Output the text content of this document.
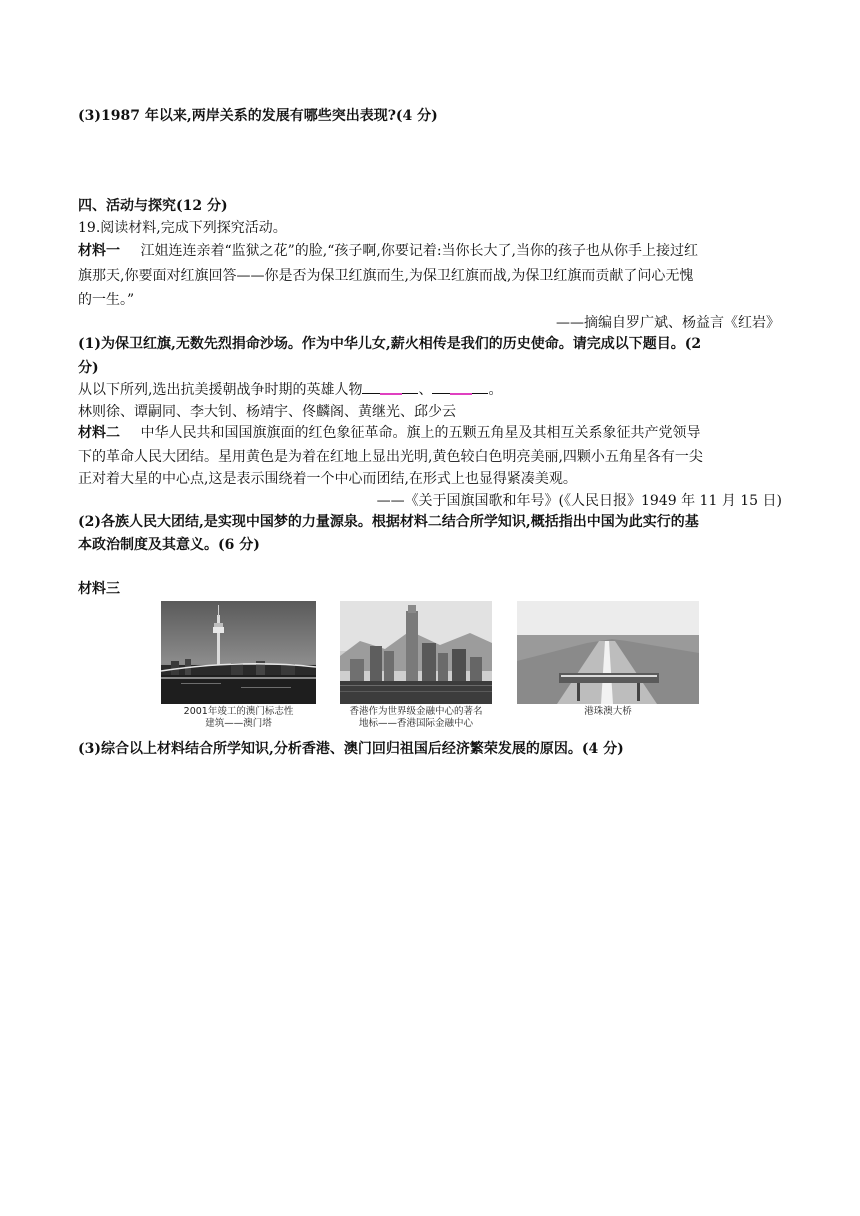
(3)1987 年以来,两岸关系的发展有哪些突出表现?(4 分)
四、活动与探究(12 分)
19.阅读材料,完成下列探究活动。
材料一 江姐连连亲着“监狱之花”的脸,“孩子啊,你要记着:当你长大了,当你的孩子也从你手上接过红
旗那天,你要面对红旗回答——你是否为保卫红旗而生,为保卫红旗而战,为保卫红旗而贡献了问心无愧
的一生。”
——摘编自罗广斌、杨益言《红岩》
(1)为保卫红旗,无数先烈捐命沙场。作为中华儿女,薪火相传是我们的历史使命。请完成以下题目。(2
分)
从以下所列,选出抗美援朝战争时期的英雄人物	、	。
林则徐、谭嗣同、李大钊、杨靖宇、佟麟阁、黄继光、邱少云
材料二 中华人民共和国国旗旗面的红色象征革命。旗上的五颗五角星及其相互关系象征共产党领导
下的革命人民大团结。星用黄色是为着在红地上显出光明,黄色较白色明亮美丽,四颗小五角星各有一尖
正对着大星的中心点,这是表示围绕着一个中心而团结,在形式上也显得紧凑美观。
——《关于国旗国歌和年号》(《人民日报》1949 年 11 月 15 日)
(2)各族人民大团结,是实现中国梦的力量源泉。根据材料二结合所学知识,概括指出中国为此实行的基
本政治制度及其意义。(6 分)
材料三
2001年竣工的澳门标志性
建筑——澳门塔
香港作为世界级金融中心的著名
地标——香港国际金融中心
港珠澳大桥
(3)综合以上材料结合所学知识,分析香港、澳门回归祖国后经济繁荣发展的原因。(4 分)
